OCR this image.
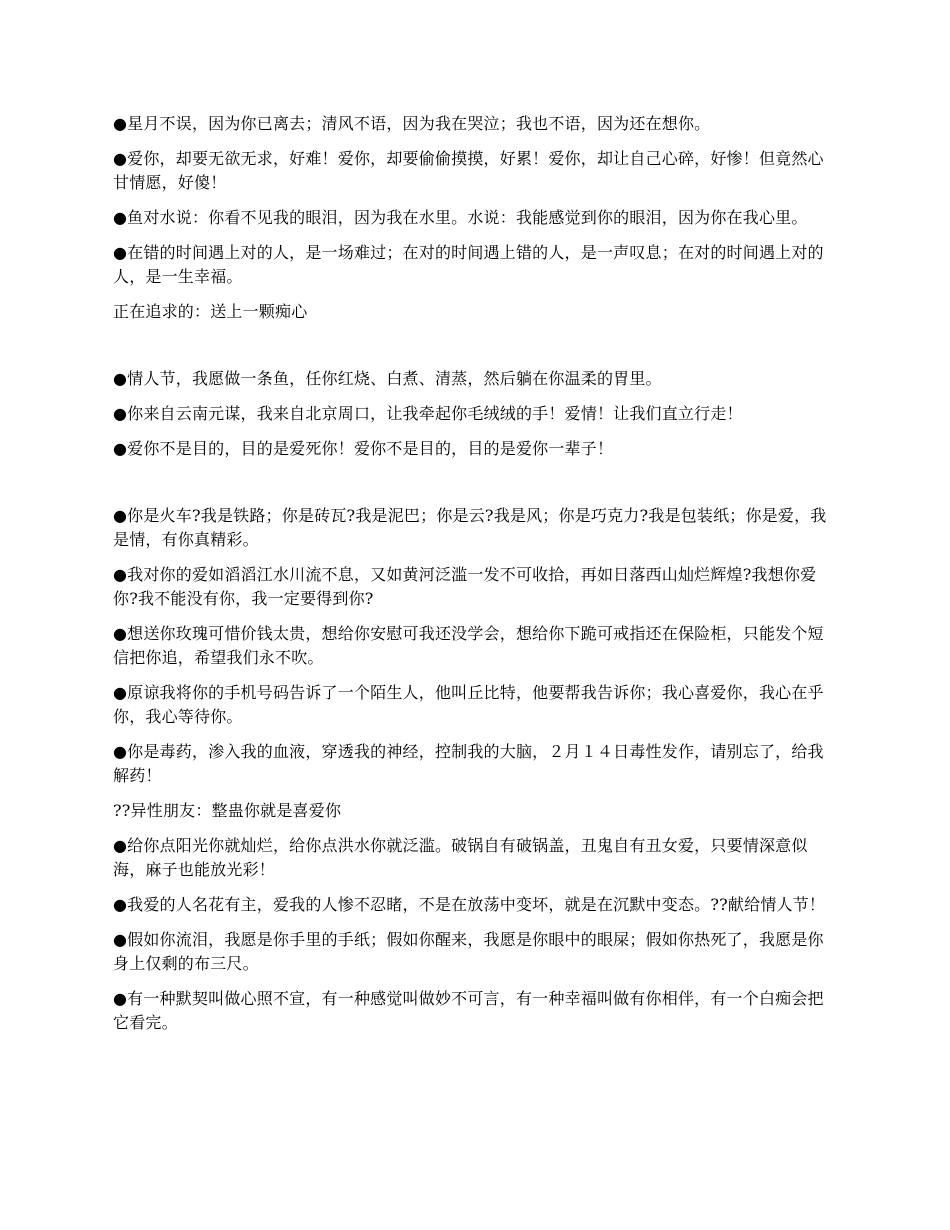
●星月不误，因为你已离去；清风不语，因为我在哭泣；我也不语，因为还在想你。

●爱你，却要无欲无求，好难！爱你，却要偷偷摸摸，好累！爱你，却让自己心碎，好惨！但竟然心甘情愿，好傻！

●鱼对水说：你看不见我的眼泪，因为我在水里。水说：我能感觉到你的眼泪，因为你在我心里。

●在错的时间遇上对的人，是一场难过；在对的时间遇上错的人，是一声叹息；在对的时间遇上对的人，是一生幸福。

正在追求的：送上一颗痴心

●情人节，我愿做一条鱼，任你红烧、白煮、清蒸，然后躺在你温柔的胃里。

●你来自云南元谋，我来自北京周口，让我牵起你毛绒绒的手！爱情！让我们直立行走！

●爱你不是目的，目的是爱死你！爱你不是目的，目的是爱你一辈子！

●你是火车?我是铁路；你是砖瓦?我是泥巴；你是云?我是风；你是巧克力?我是包装纸；你是爱，我是情，有你真精彩。

●我对你的爱如滔滔江水川流不息，又如黄河泛滥一发不可收拾，再如日落西山灿烂辉煌?我想你爱你?我不能没有你，我一定要得到你?

●想送你玫瑰可惜价钱太贵，想给你安慰可我还没学会，想给你下跪可戒指还在保险柜，只能发个短信把你追，希望我们永不吹。

●原谅我将你的手机号码告诉了一个陌生人，他叫丘比特，他要帮我告诉你；我心喜爱你，我心在乎你，我心等待你。

●你是毒药，渗入我的血液，穿透我的神经，控制我的大脑，２月１４日毒性发作，请别忘了，给我解药！

??异性朋友：整蛊你就是喜爱你

●给你点阳光你就灿烂，给你点洪水你就泛滥。破锅自有破锅盖，丑鬼自有丑女爱，只要情深意似海，麻子也能放光彩！

●我爱的人名花有主，爱我的人惨不忍睹，不是在放荡中变坏，就是在沉默中变态。??献给情人节！

●假如你流泪，我愿是你手里的手纸；假如你醒来，我愿是你眼中的眼屎；假如你热死了，我愿是你身上仅剩的布三尺。

●有一种默契叫做心照不宣，有一种感觉叫做妙不可言，有一种幸福叫做有你相伴，有一个白痴会把它看完。
